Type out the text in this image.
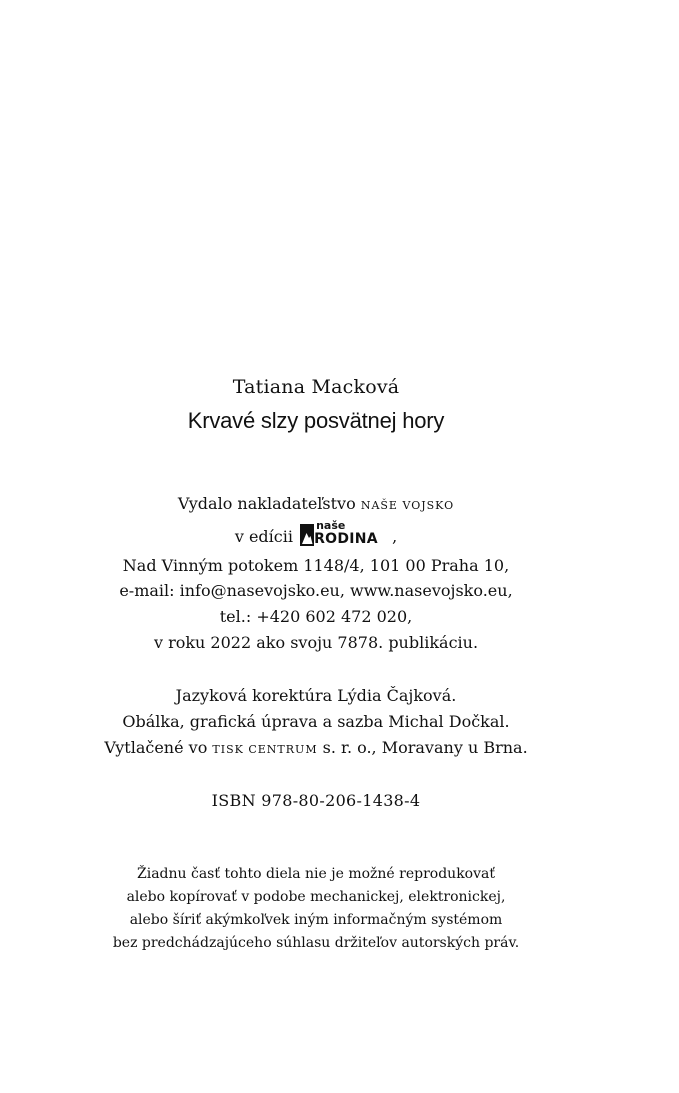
Tatiana Macková
Krvavé slzy posvätnej hory
Vydalo nakladateľstvo NAŠE VOJSKO
v edícii
naše
RODINA ,
Nad Vinným potokem 1148/4, 101 00 Praha 10,
e-mail: info@nasevojsko.eu, www.nasevojsko.eu,
tel.: +420 602 472 020,
v roku 2022 ako svoju 7878. publikáciu.
Jazyková korektúra Lýdia Čajková.
Obálka, grafická úprava a sazba Michal Dočkal.
Vytlačené vo TISK CENTRUM s. r. o., Moravany u Brna.
ISBN 978-80-206-1438-4
Žiadnu časť tohto diela nie je možné reprodukovať
alebo kopírovať v podobe mechanickej, elektronickej,
alebo šíriť akýmkoľvek iným informačným systémom
bez predchádzajúceho súhlasu držiteľov autorských práv.
